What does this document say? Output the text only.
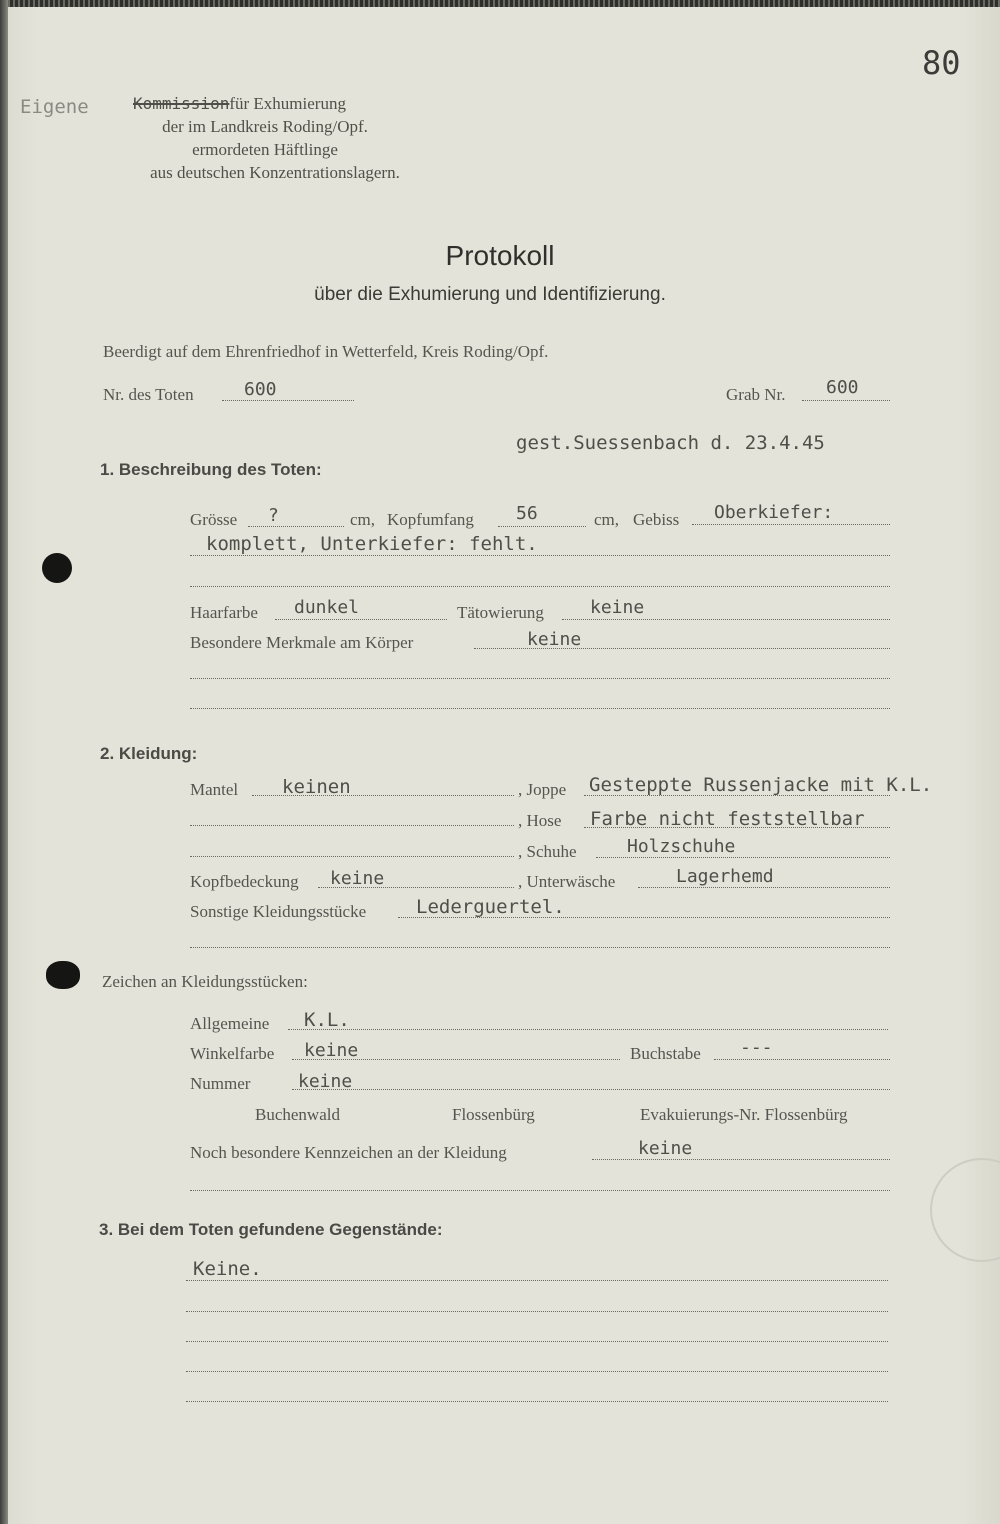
80
Eigene	Kommissionfür Exhumierung
der im Landkreis Roding/Opf.
ermordeten Häftlinge
aus deutschen Konzentrationslagern.
Protokoll
über die Exhumierung und Identifizierung.
Beerdigt auf dem Ehrenfriedhof in Wetterfeld, Kreis Roding/Opf.
Nr. des Toten	600	Grab Nr. 600
gest.Suessenbach d. 23.4.45
1. Beschreibung des Toten:
Grösse ?	cm, Kopfumfang 56	cm, Gebiss Oberkiefer:
komplett, Unterkiefer: fehlt.
Haarfarbe dunkel	Tätowierung	keine
Besondere Merkmale am Körper	keine
2. Kleidung:
Mantel keinen	, Joppe Gesteppte Russenjacke mit K.L.
, Hose Farbe nicht feststellbar
, Schuhe	Holzschuhe
Kopfbedeckung keine	, Unterwäsche	Lagerhemd
Sonstige Kleidungsstücke	Lederguertel.
Zeichen an Kleidungsstücken:
Allgemeine K.L.
Winkelfarbe keine	Buchstabe ---
Nummer	keine
Buchenwald	Flossenbürg	Evakuierungs-Nr. Flossenbürg
Noch besondere Kennzeichen an der Kleidung	keine
3. Bei dem Toten gefundene Gegenstände:
Keine.
